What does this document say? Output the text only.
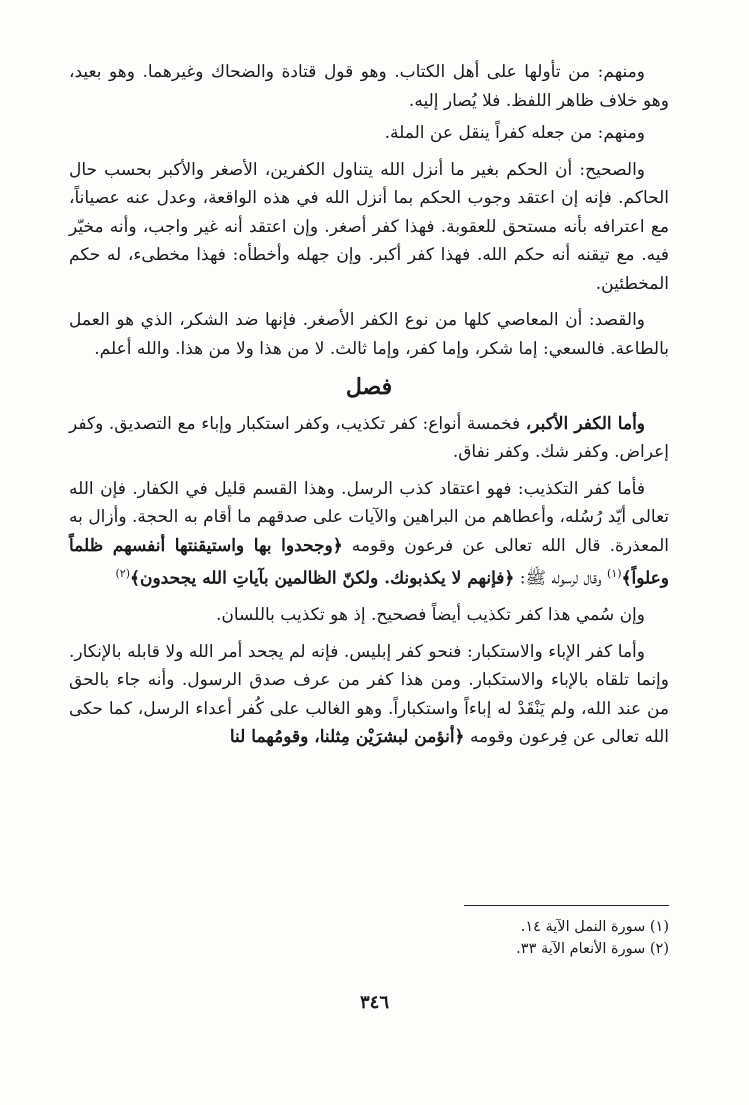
ومنهم: من تأولها على أهل الكتاب. وهو قول قتادة والضحاك وغيرهما. وهو بعيد، وهو خلاف ظاهر اللفظ. فلا يُصار إليه.

ومنهم: من جعله كفراً ينقل عن الملة.

والصحيح: أن الحكم بغير ما أنزل الله يتناول الكفرين، الأصغر والأكبر بحسب حال الحاكم. فإنه إن اعتقد وجوب الحكم بما أنزل الله في هذه الواقعة، وعدل عنه عصياناً، مع اعترافه بأنه مستحق للعقوبة. فهذا كفر أصغر. وإن اعتقد أنه غير واجب، وأنه مخيّر فيه. مع تيقنه أنه حكم الله. فهذا كفر أكبر. وإن جهله وأخطأه: فهذا مخطىء، له حكم المخطئين.

والقصد: أن المعاصي كلها من نوع الكفر الأصغر. فإنها ضد الشكر، الذي هو العمل بالطاعة. فالسعي: إما شكر، وإما كفر، وإما ثالث. لا من هذا ولا من هذا. والله أعلم.

فصل

وأما الكفر الأكبر، فخمسة أنواع: كفر تكذيب، وكفر استكبار وإباء مع التصديق. وكفر إعراض. وكفر شك. وكفر نفاق.

فأما كفر التكذيب: فهو اعتقاد كذب الرسل. وهذا القسم قليل في الكفار. فإن الله تعالى أيّد رُسُله، وأعطاهم من البراهين والآيات على صدقهم ما أقام به الحجة. وأزال به المعذرة. قال الله تعالى عن فرعون وقومه ﴿وجحدوا بها واستيقنتها أنفسهم ظلماً وعلواً﴾$^{(١)}$ وقال لرسوله ﷺ: ﴿فإنهم لا يكذبونك. ولكنّ الظالمين بآياتِ الله يجحدون﴾$^{(٢)}$

وإن سُمي هذا كفر تكذيب أيضاً فصحيح. إذ هو تكذيب باللسان.

وأما كفر الإباء والاستكبار: فنحو كفر إبليس. فإنه لم يجحد أمر الله ولا قابله بالإنكار. وإنما تلقاه بالإباء والاستكبار. ومن هذا كفر من عرف صدق الرسول. وأنه جاء بالحق من عند الله، ولم يَنْقَدْ له إباءاً واستكباراً. وهو الغالب على كُفر أعداء الرسل، كما حكى الله تعالى عن فِرعون وقومه ﴿أنؤمن لبشرَيْن مِثلنا، وقومُهما لنا

(١) سورة النمل الآية ١٤.
(٢) سورة الأنعام الآية ٣٣.
٣٤٦
